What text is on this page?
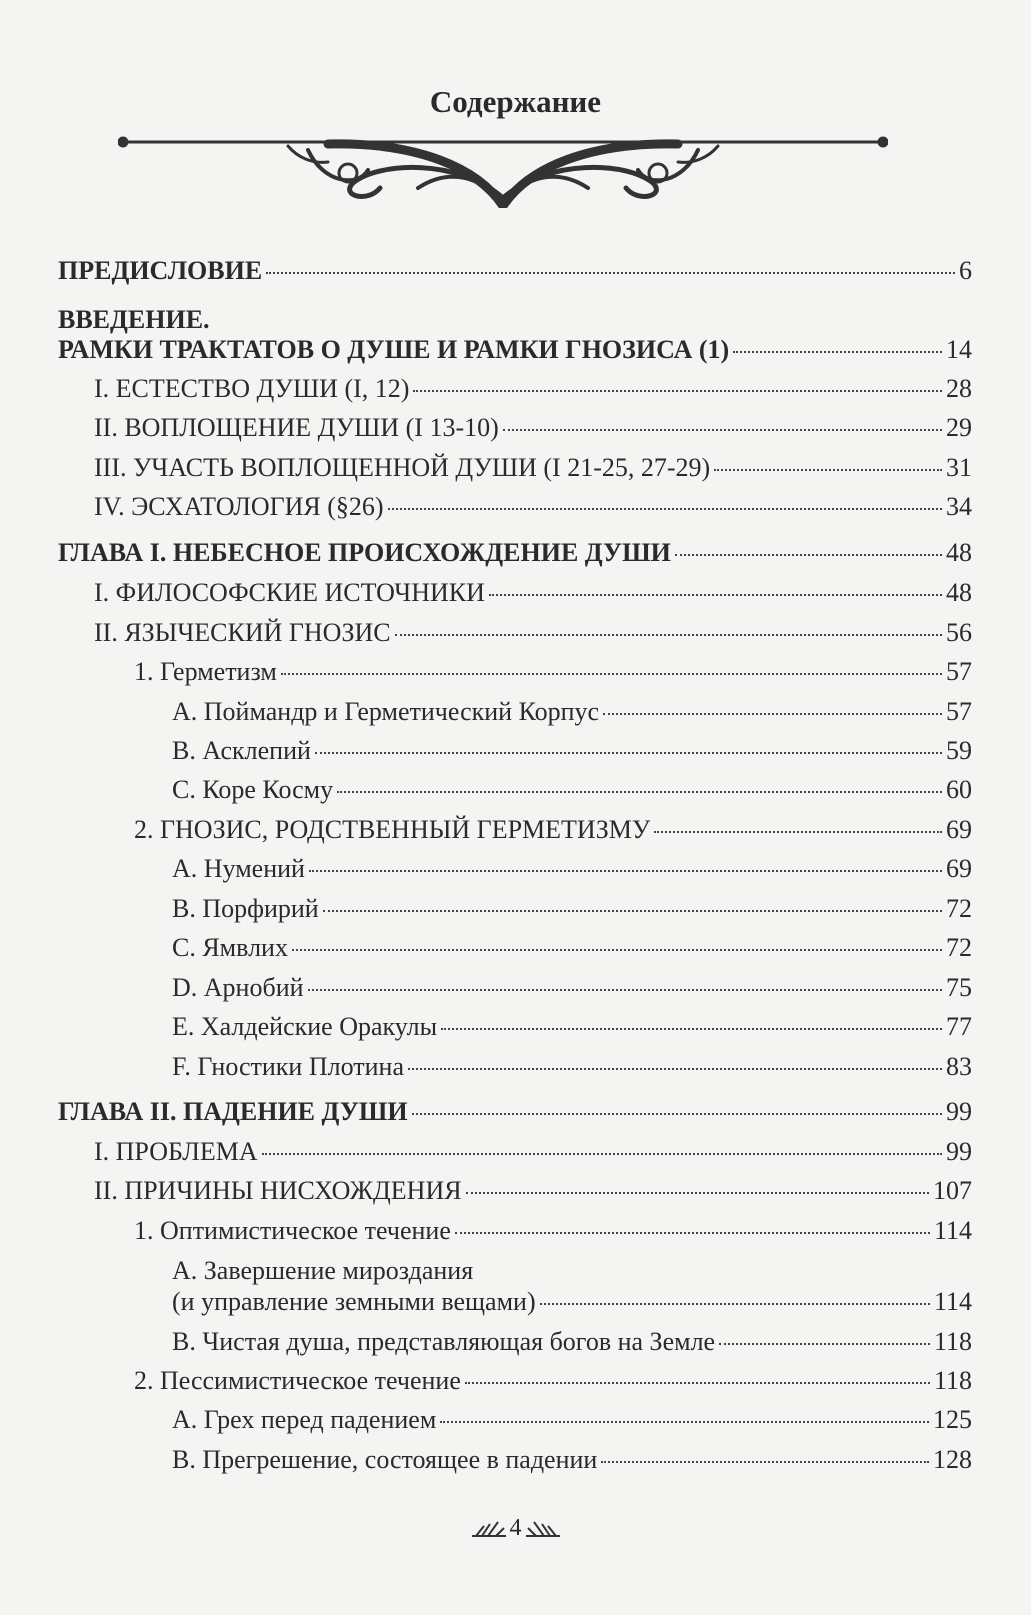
Содержание
ПРЕДИСЛОВИЕ	6
ВВЕДЕНИЕ.
РАМКИ ТРАКТАТОВ О ДУШЕ И РАМКИ ГНОЗИСА (1)	14
I. ЕСТЕСТВО ДУШИ (I, 12)	28
II. ВОПЛОЩЕНИЕ ДУШИ (I 13-10)	29
III. УЧАСТЬ ВОПЛОЩЕННОЙ ДУШИ (I 21-25, 27-29)	31
IV. ЭСХАТОЛОГИЯ (§26)	34
ГЛАВА I. НЕБЕСНОЕ ПРОИСХОЖДЕНИЕ ДУШИ	48
I. ФИЛОСОФСКИЕ ИСТОЧНИКИ	48
II. ЯЗЫЧЕСКИЙ ГНОЗИС	56
1. Герметизм	57
A. Поймандр и Герметический Корпус	57
B. Асклепий	59
C. Коре Косму	60
2. ГНОЗИС, РОДСТВЕННЫЙ ГЕРМЕТИЗМУ	69
A. Нумений	69
B. Порфирий	72
C. Ямвлих	72
D. Арнобий	75
E. Халдейские Оракулы	77
F. Гностики Плотина	83
ГЛАВА II. ПАДЕНИЕ ДУШИ	99
I. ПРОБЛЕМА	99
II. ПРИЧИНЫ НИСХОЖДЕНИЯ	107
1. Оптимистическое течение	114
A. Завершение мироздания
(и управление земными вещами)	114
B. Чистая душа, представляющая богов на Земле	118
2. Пессимистическое течение	118
A. Грех перед падением	125
B. Прегрешение, состоящее в падении	128
4
